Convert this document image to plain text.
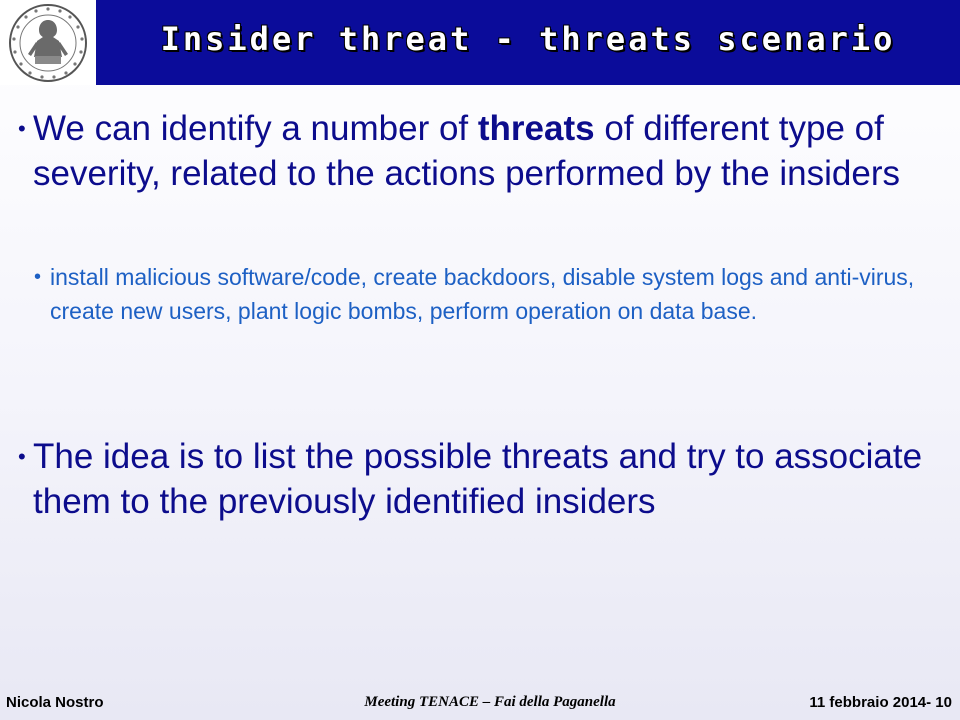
Insider threat - threats scenario
• We can identify a number of threats of different type of severity, related to the actions performed by the insiders
• install malicious software/code, create backdoors, disable system logs and anti-virus, create new users, plant logic bombs, perform operation on data base.
• The idea is to list the possible threats and try to associate them to the previously identified insiders
Nicola Nostro	Meeting TENACE – Fai della Paganella	11 febbraio 2014- 10
